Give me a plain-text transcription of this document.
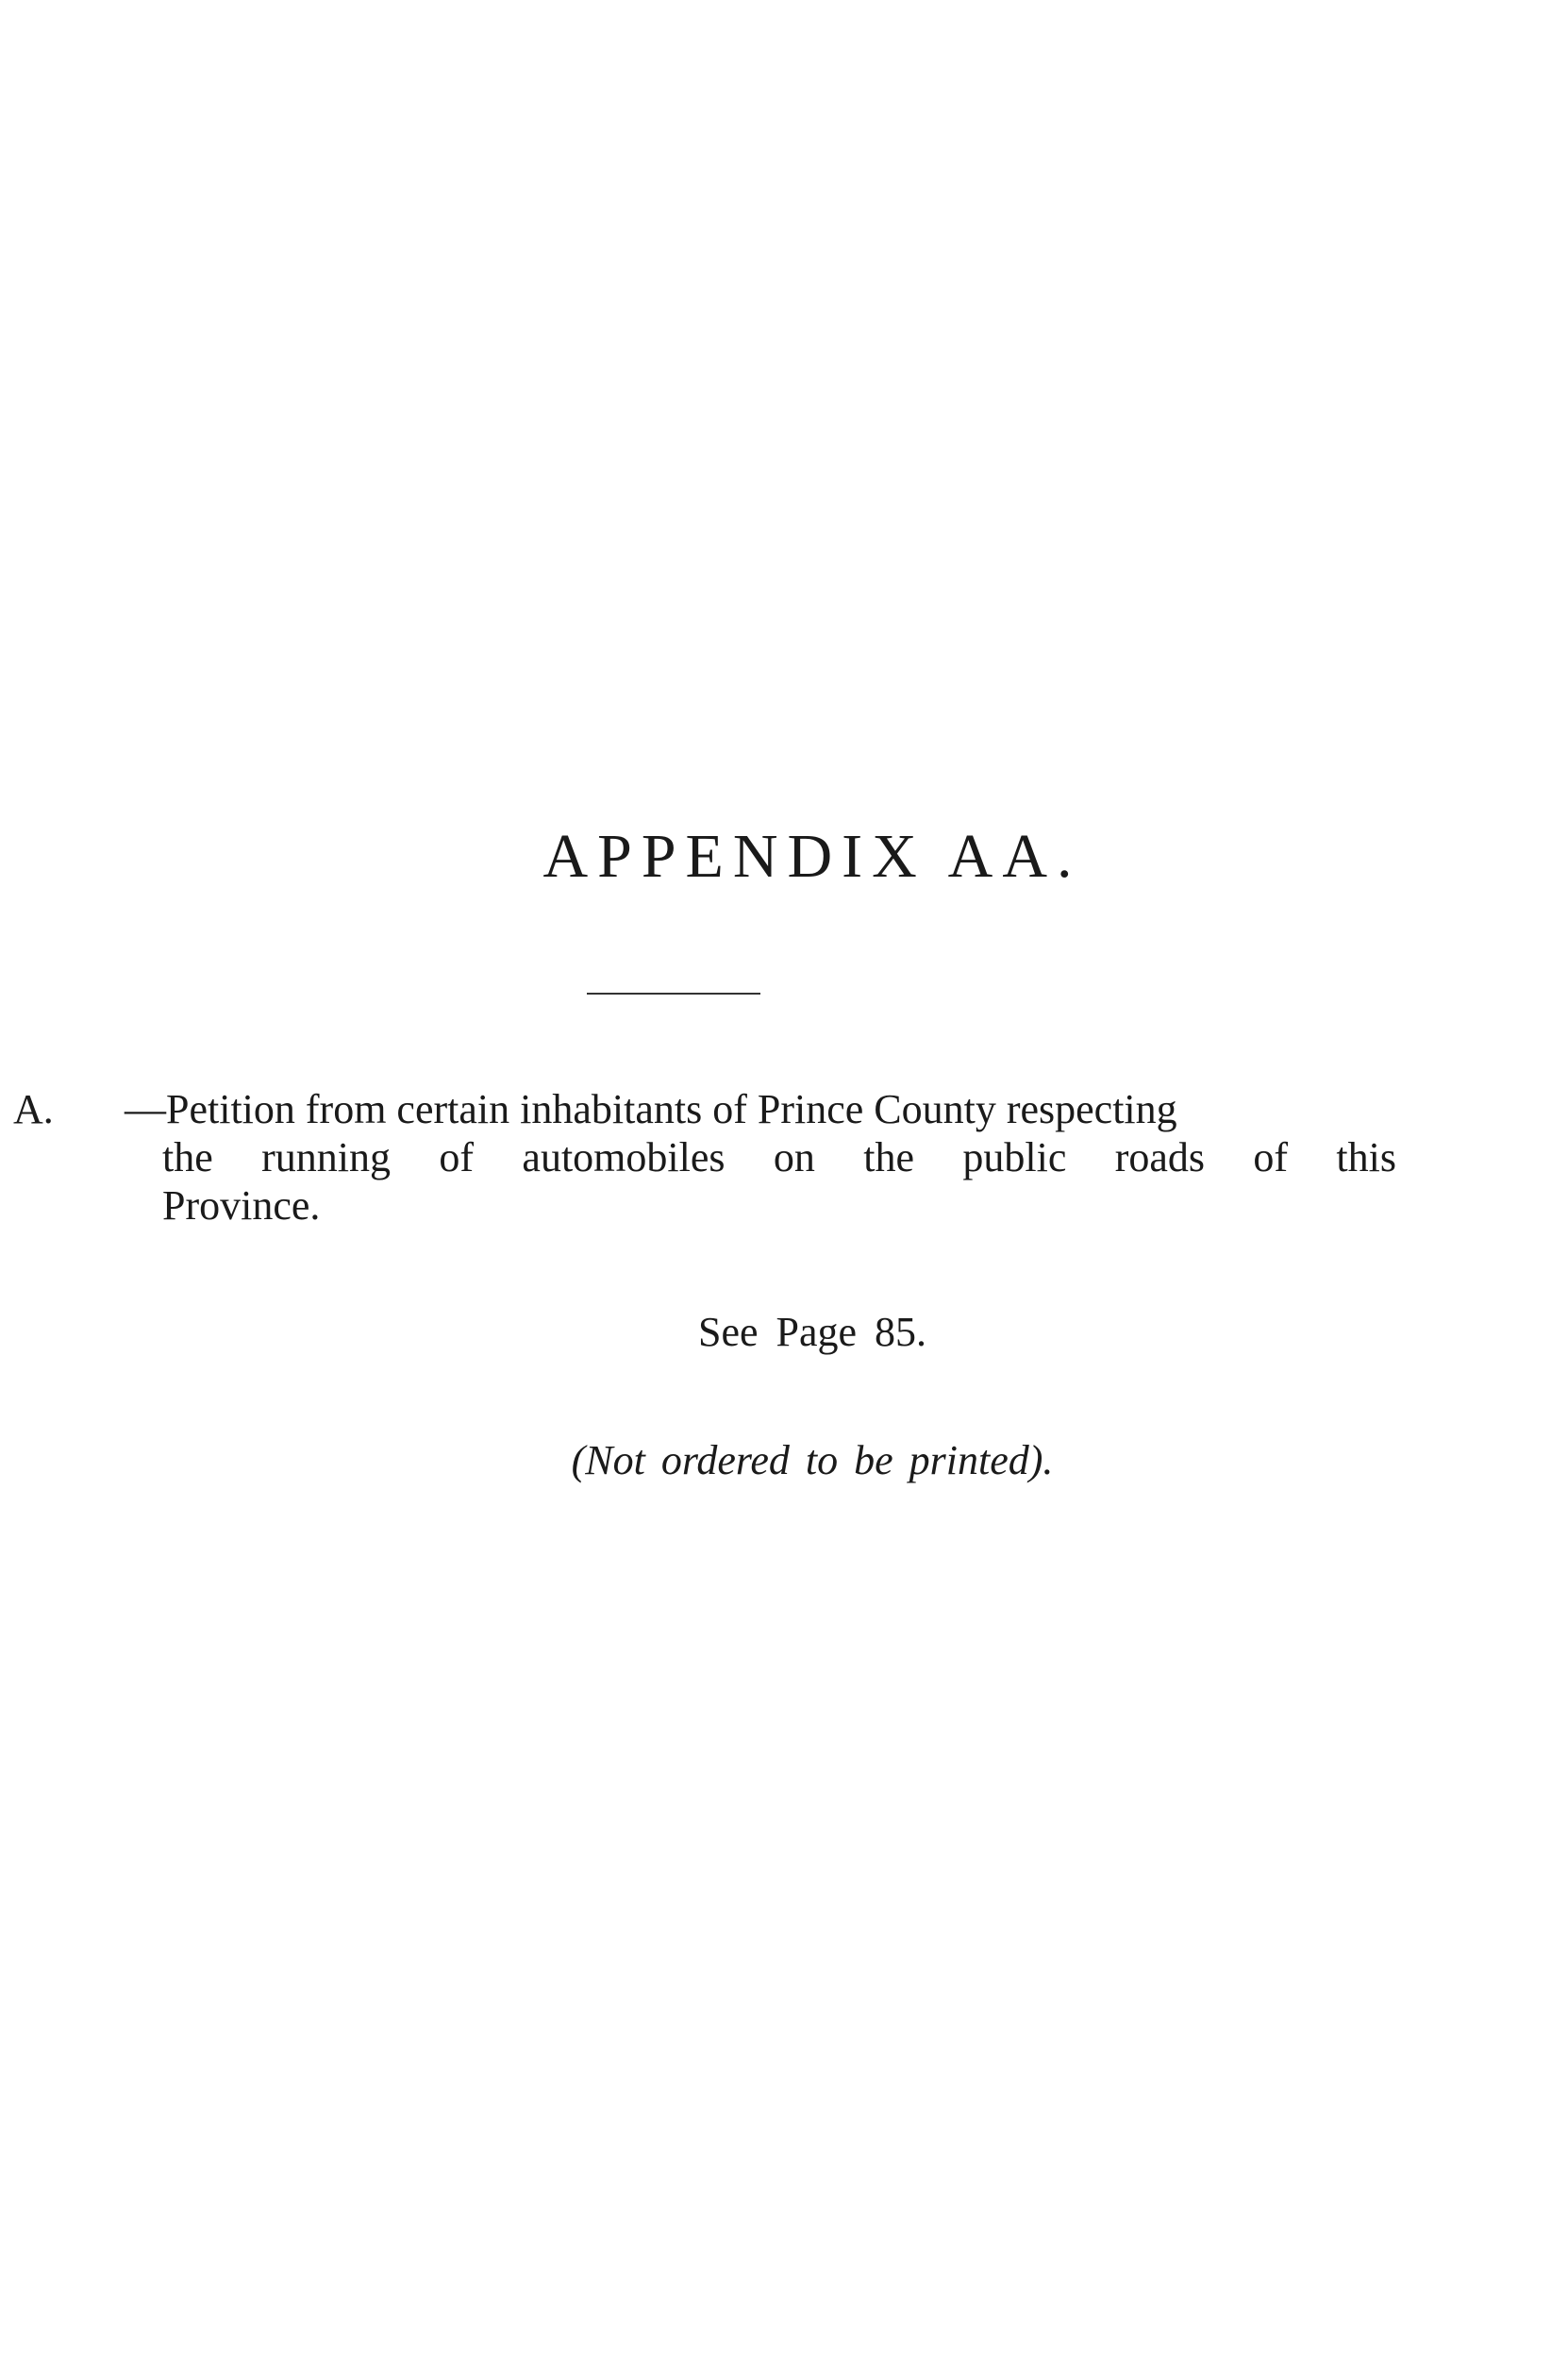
APPENDIX AA.
A. —Petition from certain inhabitants of Prince County respecting
the running of automobiles on the public roads of this
Province.
See Page 85.
(Not ordered to be printed).
